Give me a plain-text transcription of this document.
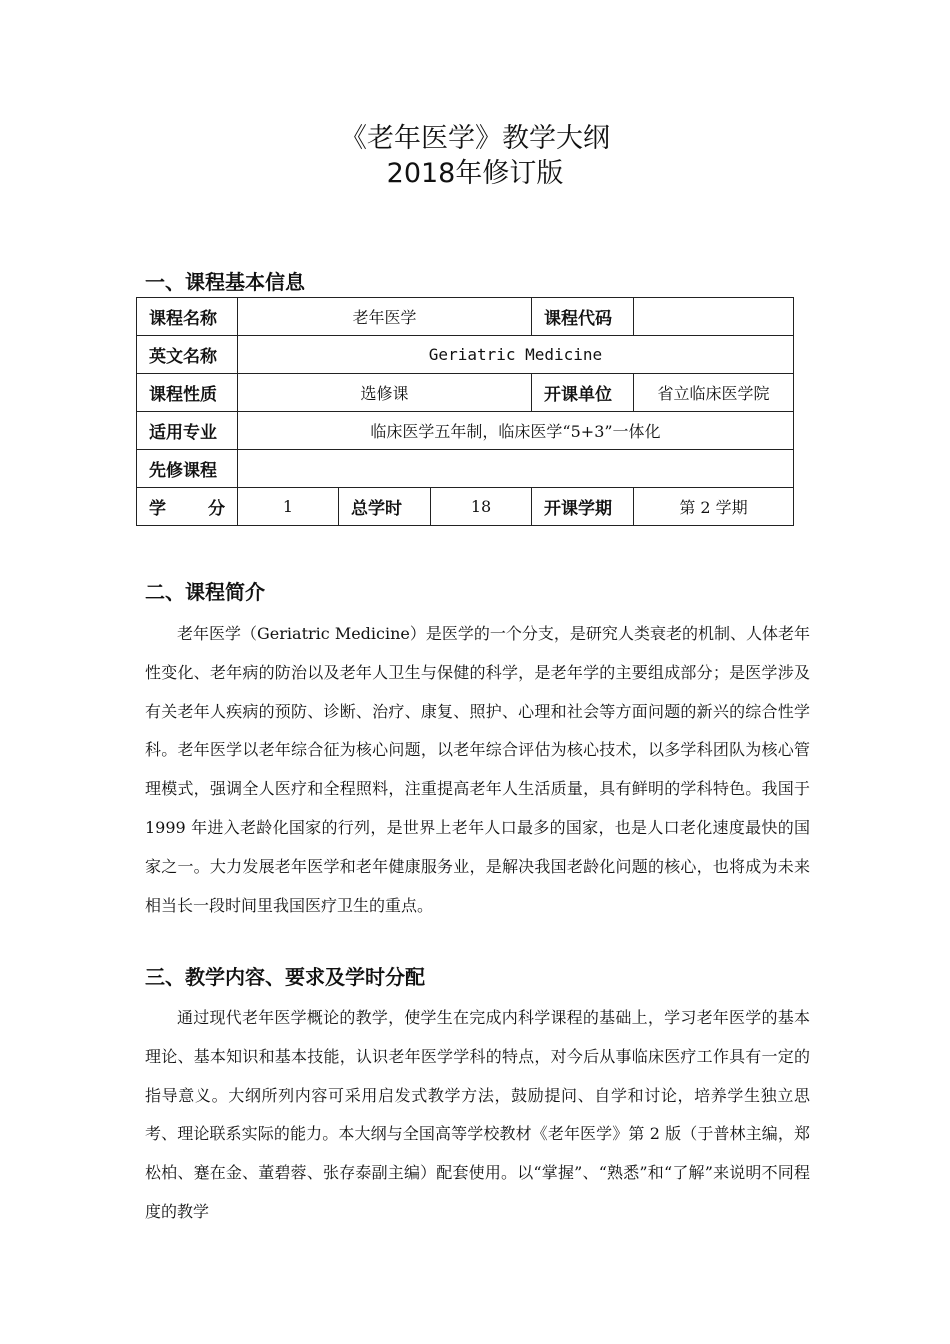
《老年医学》教学大纲
2018年修订版
一、课程基本信息
课程名称	老年医学			课程代码	
英文名称	Geriatric Medicine				
课程性质	选修课			开课单位	省立临床医学院
适用专业	临床医学五年制，临床医学“5+3”一体化				
先修课程					

学 分	1	总学时	18	开课学期	第 2 学期
二、课程简介

老年医学（Geriatric Medicine）是医学的一个分支，是研究人类衰老的机制、人体老年性变化、老年病的防治以及老年人卫生与保健的科学，是老年学的主要组成部分；是医学涉及有关老年人疾病的预防、诊断、治疗、康复、照护、心理和社会等方面问题的新兴的综合性学科。老年医学以老年综合征为核心问题，以老年综合评估为核心技术，以多学科团队为核心管理模式，强调全人医疗和全程照料，注重提高老年人生活质量，具有鲜明的学科特色。我国于 1999 年进入老龄化国家的行列，是世界上老年人口最多的国家，也是人口老化速度最快的国家之一。大力发展老年医学和老年健康服务业，是解决我国老龄化问题的核心，也将成为未来相当长一段时间里我国医疗卫生的重点。

三、教学内容、要求及学时分配

通过现代老年医学概论的教学，使学生在完成内科学课程的基础上，学习老年医学的基本理论、基本知识和基本技能，认识老年医学学科的特点，对今后从事临床医疗工作具有一定的指导意义。大纲所列内容可采用启发式教学方法，鼓励提问、自学和讨论，培养学生独立思考、理论联系实际的能力。本大纲与全国高等学校教材《老年医学》第 2 版（于普林主编，郑松柏、蹇在金、董碧蓉、张存泰副主编）配套使用。以“掌握”、“熟悉”和“了解”来说明不同程度的教学
